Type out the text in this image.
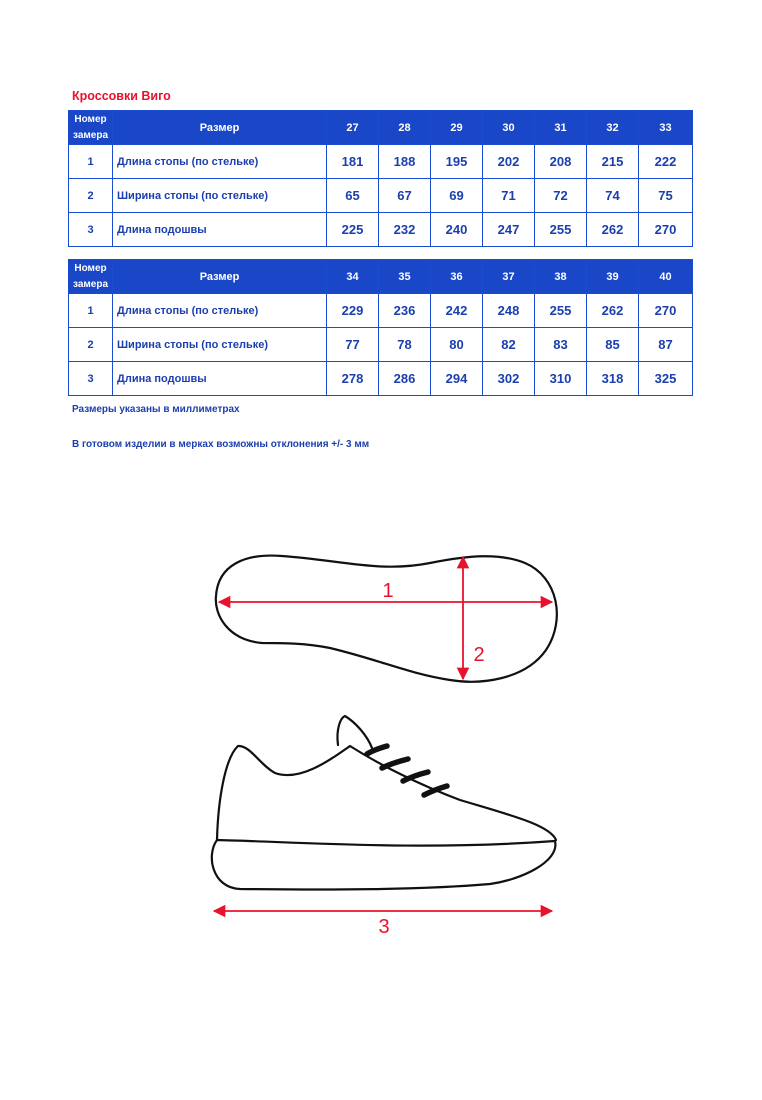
Кроссовки Виго
Номер замера	Размер	27	28	29	30	31	32	33
1	Длина стопы (по стельке)	181	188	195	202	208	215	222
2	Ширина стопы (по стельке)	65	67	69	71	72	74	75
3	Длина подошвы	225	232	240	247	255	262	270
Номер замера	Размер	34	35	36	37	38	39	40
1	Длина стопы (по стельке)	229	236	242	248	255	262	270
2	Ширина стопы (по стельке)	77	78	80	82	83	85	87
3	Длина подошвы	278	286	294	302	310	318	325
Размеры указаны в миллиметрах
В готовом изделии в мерках возможны отклонения +/- 3 мм
1
2
3
